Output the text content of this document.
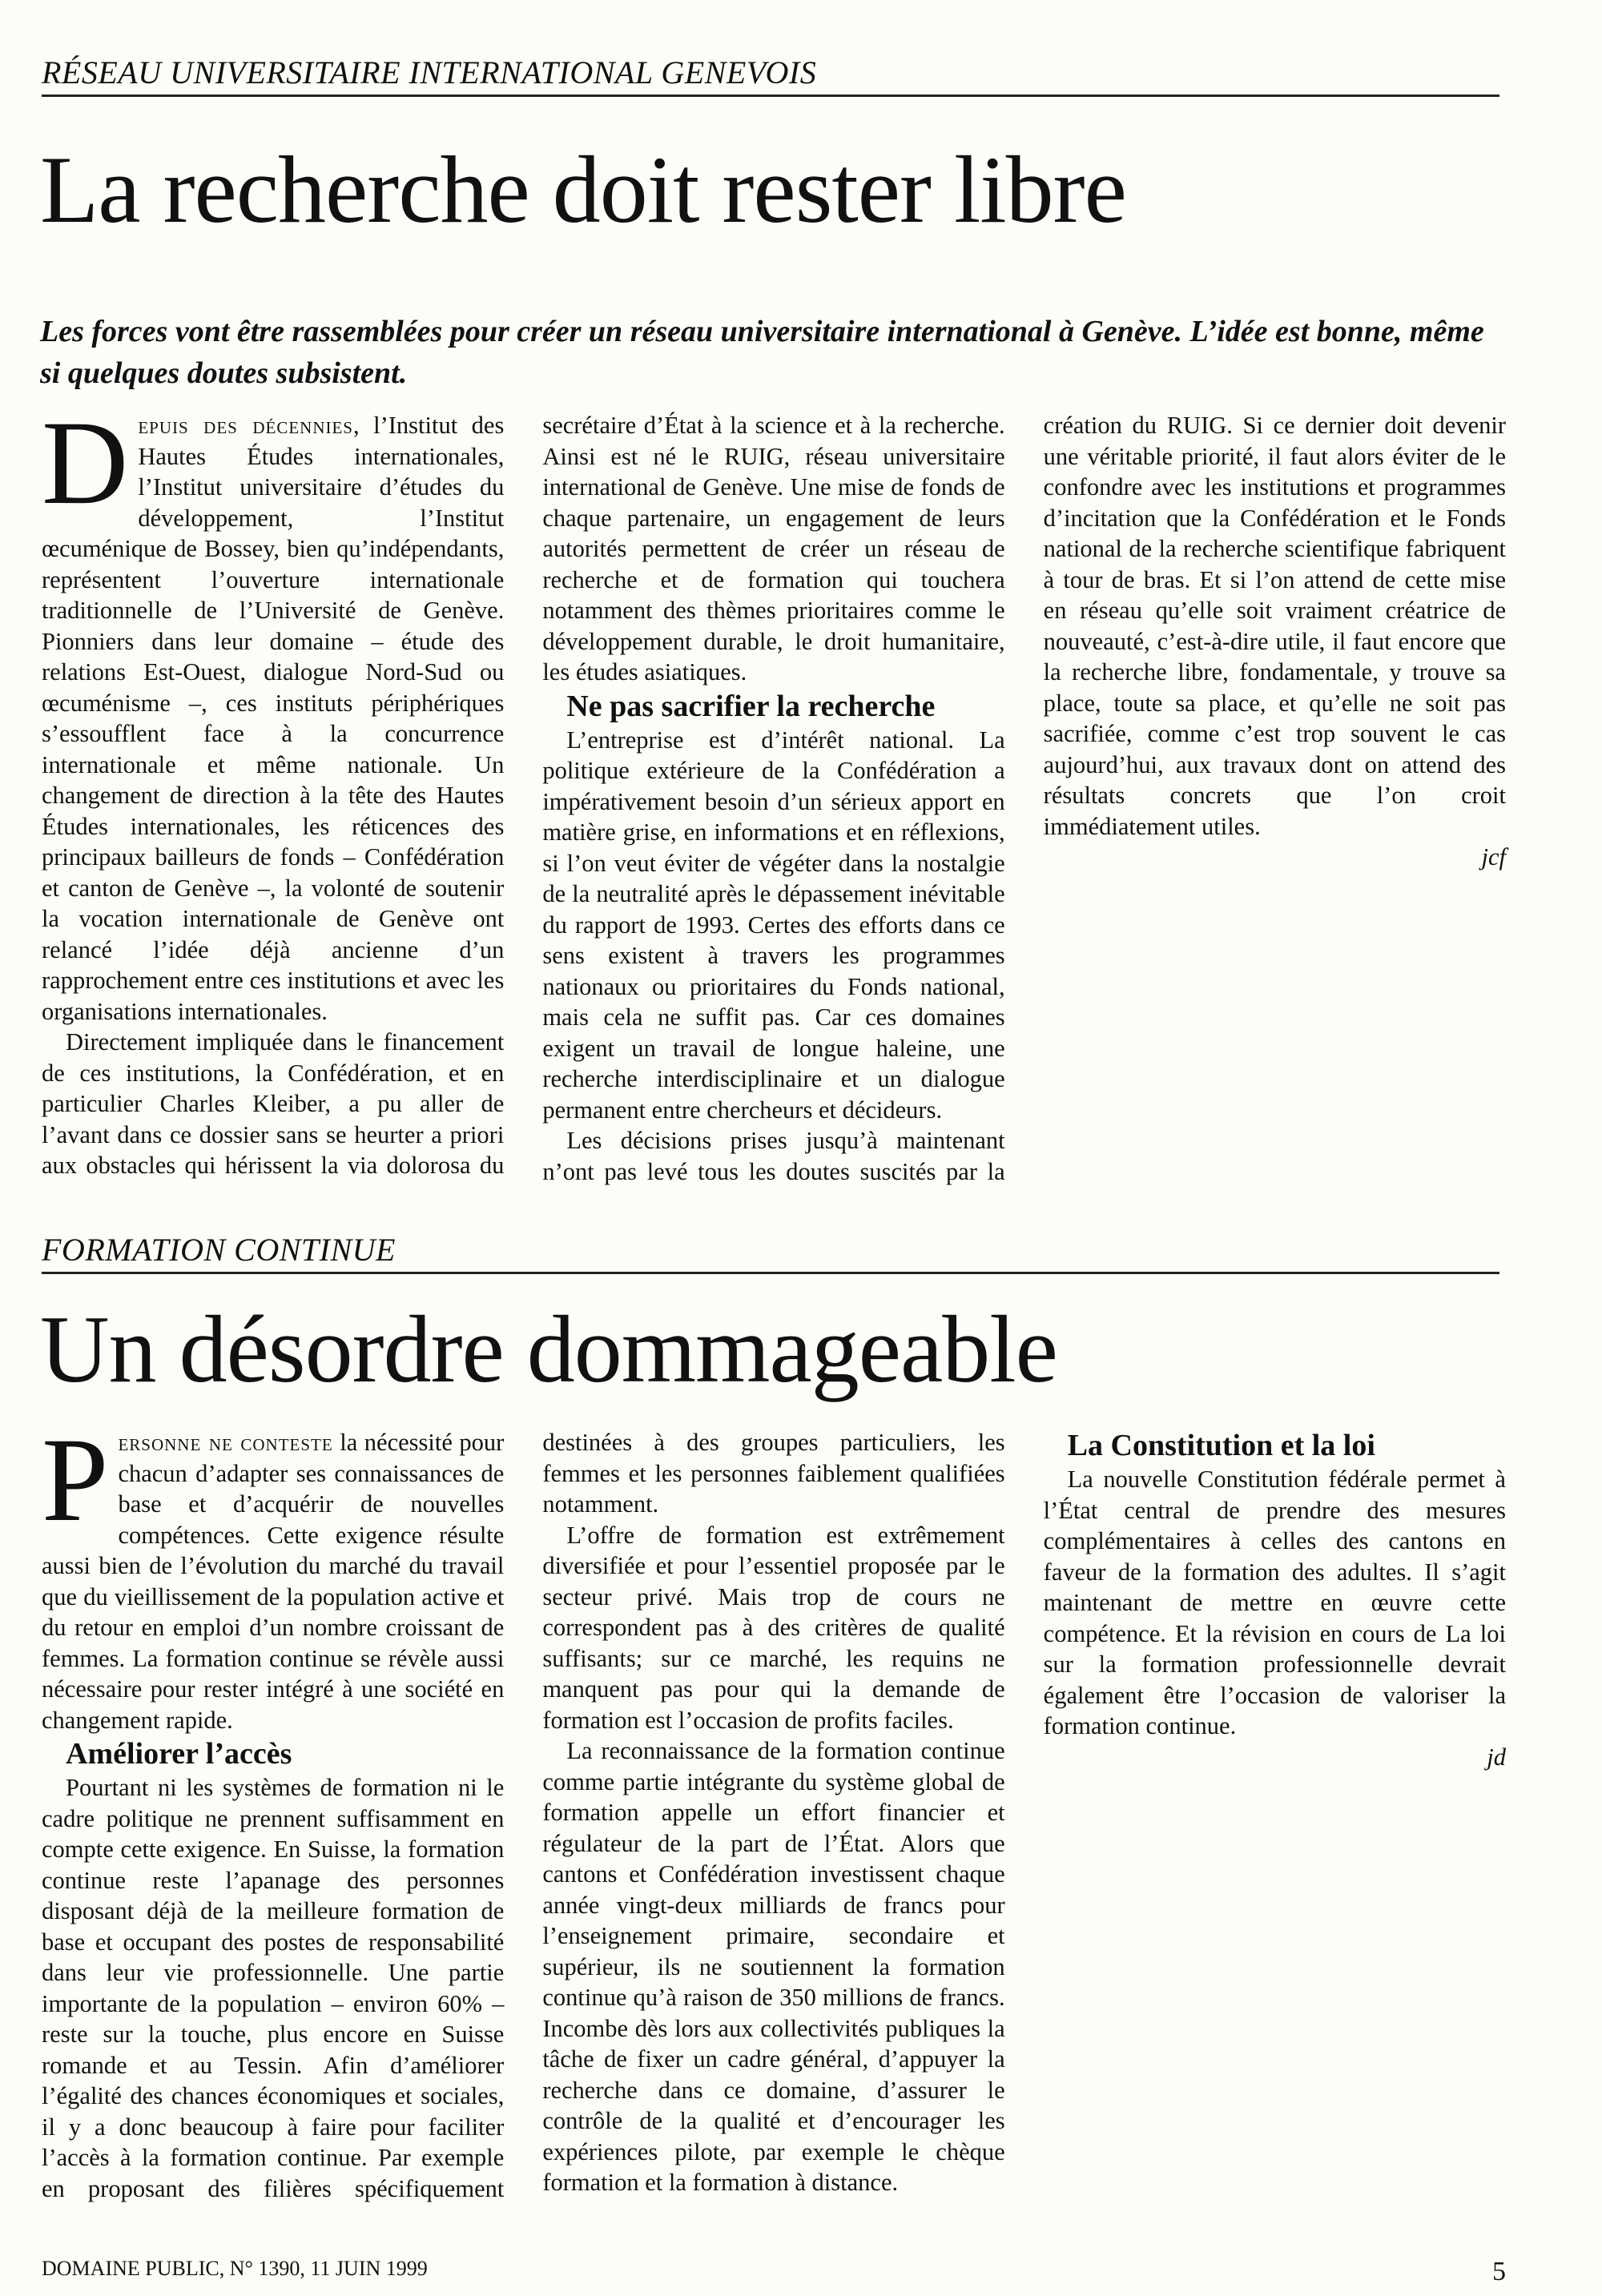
RÉSEAU UNIVERSITAIRE INTERNATIONAL GENEVOIS
La recherche doit rester libre

Les forces vont être rassemblées pour créer un réseau universitaire international à Genève. L’idée est bonne, même si quelques doutes subsistent.

Depuis des décennies, l’Institut des Hautes Études internationales, l’Institut universitaire d’études du développement, l’Institut œcuménique de Bossey, bien qu’indépendants, représentent l’ouverture internationale traditionnelle de l’Université de Genève. Pionniers dans leur domaine – étude des relations Est-Ouest, dialogue Nord-Sud ou œcuménisme –, ces instituts périphériques s’essoufflent face à la concurrence internationale et même nationale. Un changement de direction à la tête des Hautes Études internationales, les réticences des principaux bailleurs de fonds – Confédération et canton de Genève –, la volonté de soutenir la vocation internationale de Genève ont relancé l’idée déjà ancienne d’un rapprochement entre ces institutions et avec les organisations internationales.

Directement impliquée dans le financement de ces institutions, la Confédération, et en particulier Charles Kleiber, a pu aller de l’avant dans ce dossier sans se heurter a priori aux obstacles qui hérissent la via dolorosa du secrétaire d’État à la science et à la recherche. Ainsi est né le RUIG, réseau universitaire international de Genève. Une mise de fonds de chaque partenaire, un engagement de leurs autorités permettent de créer un réseau de recherche et de formation qui touchera notamment des thèmes prioritaires comme le développement durable, le droit humanitaire, les études asiatiques.

Ne pas sacrifier la recherche

L’entreprise est d’intérêt national. La politique extérieure de la Confédération a impérativement besoin d’un sérieux apport en matière grise, en informations et en réflexions, si l’on veut éviter de végéter dans la nostalgie de la neutralité après le dépassement inévitable du rapport de 1993. Certes des efforts dans ce sens existent à travers les programmes nationaux ou prioritaires du Fonds national, mais cela ne suffit pas. Car ces domaines exigent un travail de longue haleine, une recherche interdisciplinaire et un dialogue permanent entre chercheurs et décideurs.

Les décisions prises jusqu’à maintenant n’ont pas levé tous les doutes suscités par la création du RUIG. Si ce dernier doit devenir une véritable priorité, il faut alors éviter de le confondre avec les institutions et programmes d’incitation que la Confédération et le Fonds national de la recherche scientifique fabriquent à tour de bras. Et si l’on attend de cette mise en réseau qu’elle soit vraiment créatrice de nouveauté, c’est-à-dire utile, il faut encore que la recherche libre, fondamentale, y trouve sa place, toute sa place, et qu’elle ne soit pas sacrifiée, comme c’est trop souvent le cas aujourd’hui, aux travaux dont on attend des résultats concrets que l’on croit immédiatement utiles.

jcf

FORMATION CONTINUE
Un désordre dommageable

Personne ne conteste la nécessité pour chacun d’adapter ses connaissances de base et d’acquérir de nouvelles compétences. Cette exigence résulte aussi bien de l’évolution du marché du travail que du vieillissement de la population active et du retour en emploi d’un nombre croissant de femmes. La formation continue se révèle aussi nécessaire pour rester intégré à une société en changement rapide.

Améliorer l’accès

Pourtant ni les systèmes de formation ni le cadre politique ne prennent suffisamment en compte cette exigence. En Suisse, la formation continue reste l’apanage des personnes disposant déjà de la meilleure formation de base et occupant des postes de responsabilité dans leur vie professionnelle. Une partie importante de la population – environ 60% – reste sur la touche, plus encore en Suisse romande et au Tessin. Afin d’améliorer l’égalité des chances économiques et sociales, il y a donc beaucoup à faire pour faciliter l’accès à la formation continue. Par exemple en proposant des filières spécifiquement destinées à des groupes particuliers, les femmes et les personnes faiblement qualifiées notamment.

L’offre de formation est extrêmement diversifiée et pour l’essentiel proposée par le secteur privé. Mais trop de cours ne correspondent pas à des critères de qualité suffisants; sur ce marché, les requins ne manquent pas pour qui la demande de formation est l’occasion de profits faciles.

La reconnaissance de la formation continue comme partie intégrante du système global de formation appelle un effort financier et régulateur de la part de l’État. Alors que cantons et Confédération investissent chaque année vingt-deux milliards de francs pour l’enseignement primaire, secondaire et supérieur, ils ne soutiennent la formation continue qu’à raison de 350 millions de francs. Incombe dès lors aux collectivités publiques la tâche de fixer un cadre général, d’appuyer la recherche dans ce domaine, d’assurer le contrôle de la qualité et d’encourager les expériences pilote, par exemple le chèque formation et la formation à distance.

La Constitution et la loi

La nouvelle Constitution fédérale permet à l’État central de prendre des mesures complémentaires à celles des cantons en faveur de la formation des adultes. Il s’agit maintenant de mettre en œuvre cette compétence. Et la révision en cours de La loi sur la formation professionnelle devrait également être l’occasion de valoriser la formation continue.

jd

DOMAINE PUBLIC, N° 1390, 11 JUIN 1999	5
